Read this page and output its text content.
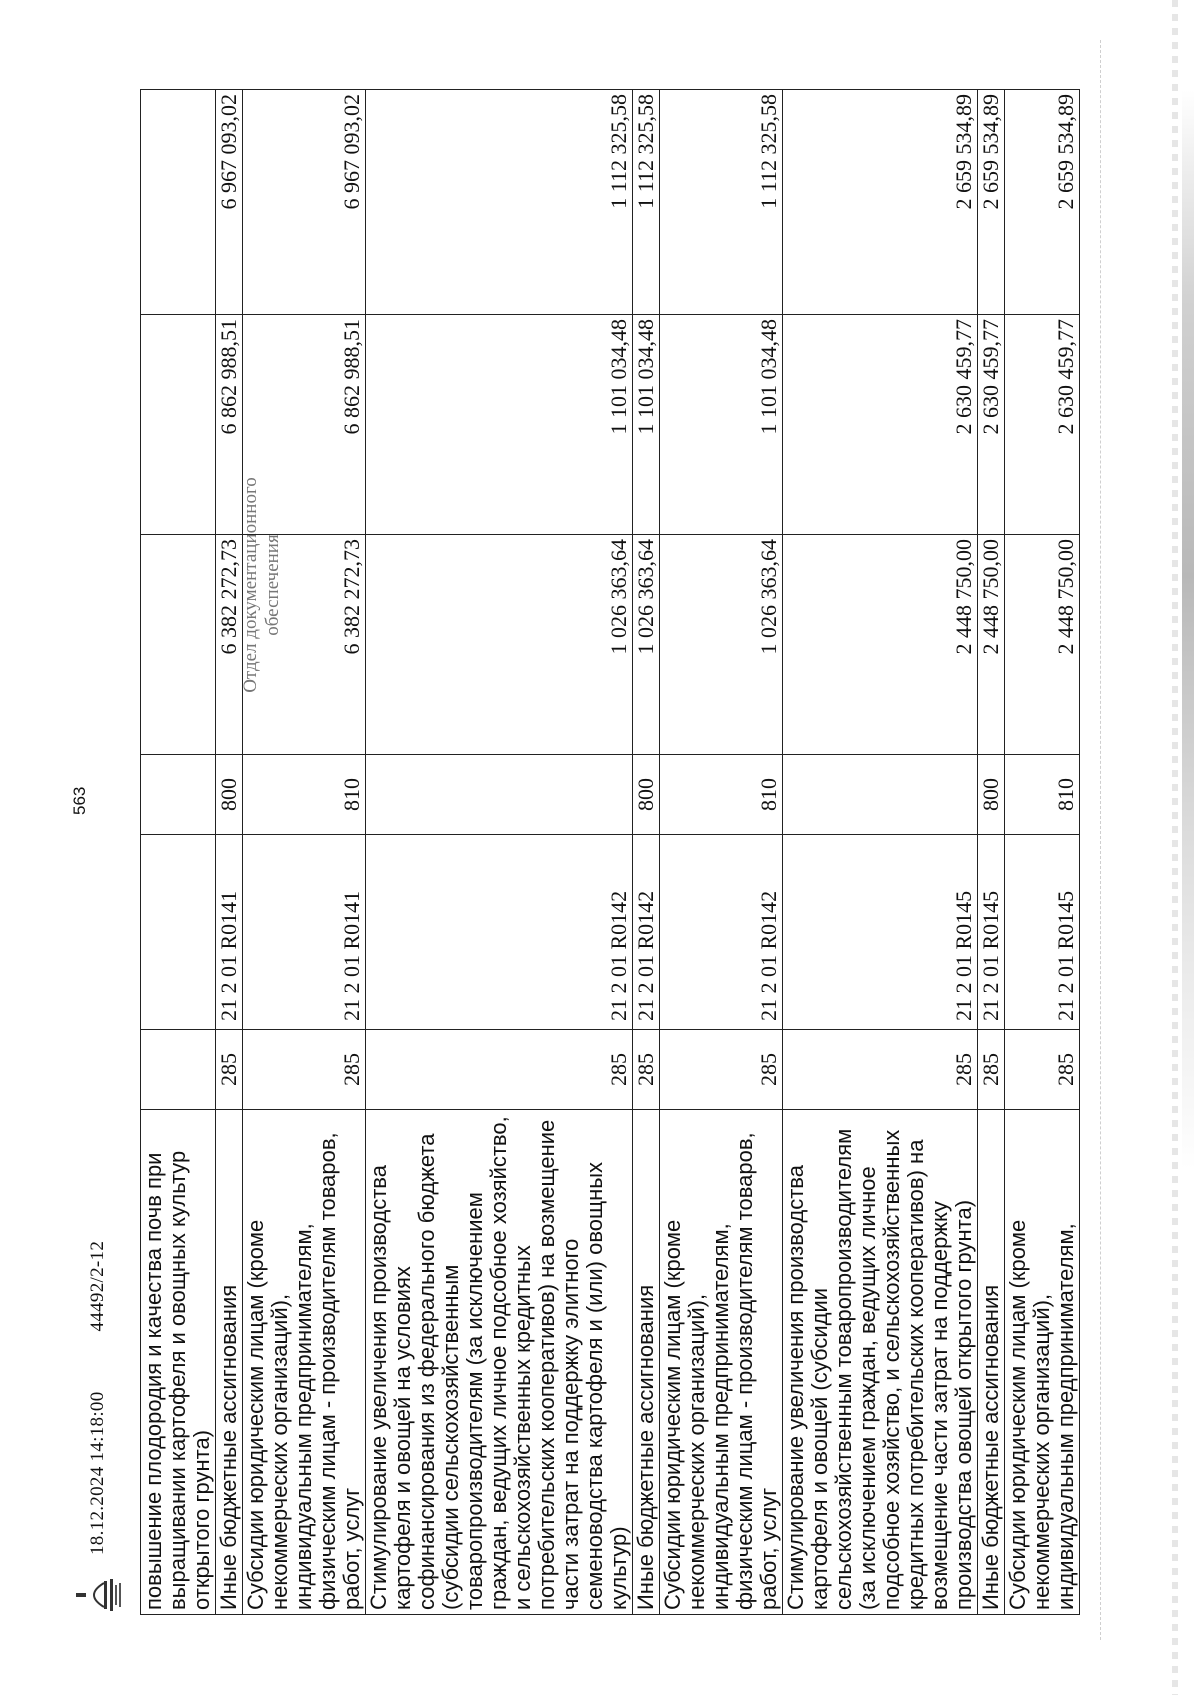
18.12.2024 14:18:00
44492/2-12
563
Отдел документационного обеспечения
повышение плодородия и качества почв при выращивании картофеля и овощных культур открытого грунта)						
Иные бюджетные ассигнования	285	21 2 01 R0141	800	6 382 272,73	6 862 988,51	6 967 093,02
Субсидии юридическим лицам (кроме некоммерческих организаций), индивидуальным предпринимателям, физическим лицам - производителям товаров, работ, услуг	285	21 2 01 R0141	810	6 382 272,73	6 862 988,51	6 967 093,02
Стимулирование увеличения производства картофеля и овощей на условиях софинансирования из федерального бюджета (субсидии сельскохозяйственным товаропроизводителям (за исключением граждан, ведущих личное подсобное хозяйство, и сельскохозяйственных кредитных потребительских кооперативов) на возмещение части затрат на поддержку элитного семеноводства картофеля и (или) овощных культур)	285	21 2 01 R0142		1 026 363,64	1 101 034,48	1 112 325,58
Иные бюджетные ассигнования	285	21 2 01 R0142	800	1 026 363,64	1 101 034,48	1 112 325,58
Субсидии юридическим лицам (кроме некоммерческих организаций), индивидуальным предпринимателям, физическим лицам - производителям товаров, работ, услуг	285	21 2 01 R0142	810	1 026 363,64	1 101 034,48	1 112 325,58
Стимулирование увеличения производства картофеля и овощей (субсидии сельскохозяйственным товаропроизводителям (за исключением граждан, ведущих личное подсобное хозяйство, и сельскохозяйственных кредитных потребительских кооперативов) на возмещение части затрат на поддержку производства овощей открытого грунта)	285	21 2 01 R0145		2 448 750,00	2 630 459,77	2 659 534,89
Иные бюджетные ассигнования	285	21 2 01 R0145	800	2 448 750,00	2 630 459,77	2 659 534,89
Субсидии юридическим лицам (кроме некоммерческих организаций), индивидуальным предпринимателям,	285	21 2 01 R0145	810	2 448 750,00	2 630 459,77	2 659 534,89
